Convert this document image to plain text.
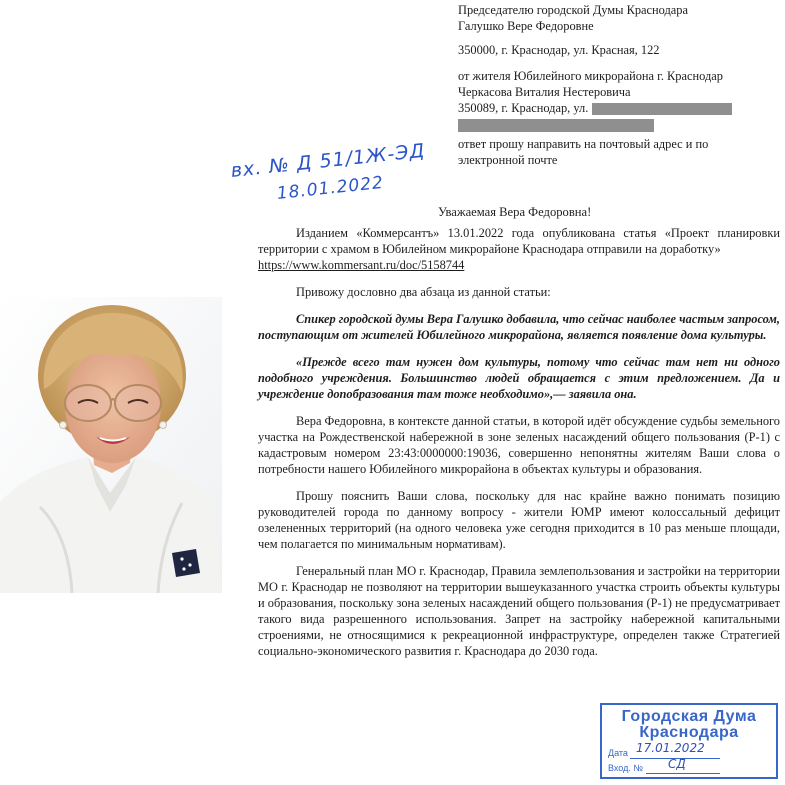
Председателю городской Думы Краснодара
Галушко Вере Федоровне
350000, г. Краснодар, ул. Красная, 122
от жителя Юбилейного микрорайона г. Краснодар
Черкасова Виталия Нестеровича
350089, г. Краснодар, ул.
ответ прошу направить на почтовый адрес и по
электронной почте
вх. № Д 51/1Ж-ЭД
18.01.2022
Уважаемая Вера Федоровна!

Изданием «Коммерсантъ» 13.01.2022 года опубликована статья «Проект планировки территории с храмом в Юбилейном микрорайоне Краснодара отправили на доработку»

https://www.kommersant.ru/doc/5158744

Привожу дословно два абзаца из данной статьи:

Спикер городской думы Вера Галушко добавила, что сейчас наиболее частым запросом, поступающим от жителей Юбилейного микрорайона, является появление дома культуры.

«Прежде всего там нужен дом культуры, потому что сейчас там нет ни одного подобного учреждения. Большинство людей обращается с этим предложением. Да и учреждение допобразования там тоже необходимо»,— заявила она.

Вера Федоровна, в контексте данной статьи, в которой идёт обсуждение судьбы земельного участка на Рождественской набережной в зоне зеленых насаждений общего пользования (Р-1) с кадастровым номером 23:43:0000000:19036, совершенно непонятны жителям Ваши слова о потребности нашего Юбилейного микрорайона в объектах культуры и образования.

Прошу пояснить Ваши слова, поскольку для нас крайне важно понимать позицию руководителей города по данному вопросу - жители ЮМР имеют колоссальный дефицит озелененных территорий (на одного человека уже сегодня приходится в 10 раз меньше площади, чем полагается по минимальным нормативам).

Генеральный план МО г. Краснодар, Правила землепользования и застройки на территории МО г. Краснодар не позволяют на территории вышеуказанного участка строить объекты культуры и образования, поскольку зона зеленых насаждений общего пользования (Р-1) не предусматривает такого вида разрешенного использования. Запрет на застройку набережной капитальными строениями, не относящимися к рекреационной инфраструктуре, определен также Стратегией социально-экономического развития г. Краснодара до 2030 года.

Городская Дума
Краснодара
Дата 17.01.2022
Вход. № СД
